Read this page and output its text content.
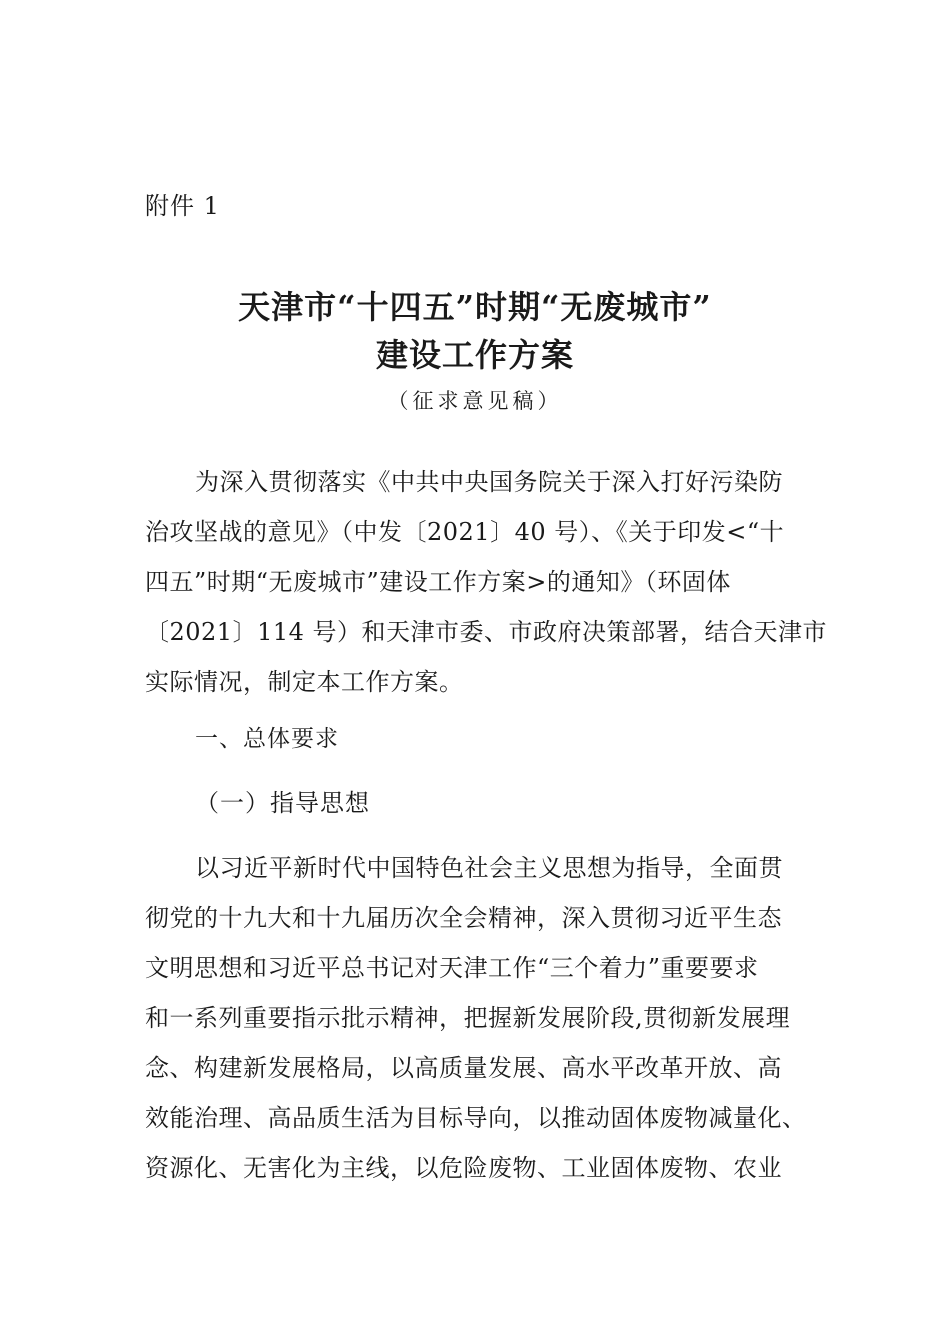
附件 1
天津市“十四五”时期“无废城市”
建设工作方案
（征求意见稿）
为深入贯彻落实《中共中央国务院关于深入打好污染防
治攻坚战的意见》（中发〔2021〕40 号）、《关于印发<“十
四五”时期“无废城市”建设工作方案>的通知》（环固体
〔2021〕114 号）和天津市委、市政府决策部署，结合天津市
实际情况，制定本工作方案。
一、总体要求
（一）指导思想
以习近平新时代中国特色社会主义思想为指导，全面贯
彻党的十九大和十九届历次全会精神，深入贯彻习近平生态
文明思想和习近平总书记对天津工作“三个着力”重要要求
和一系列重要指示批示精神，把握新发展阶段,贯彻新发展理
念、构建新发展格局，以高质量发展、高水平改革开放、高
效能治理、高品质生活为目标导向，以推动固体废物减量化、
资源化、无害化为主线，以危险废物、工业固体废物、农业
